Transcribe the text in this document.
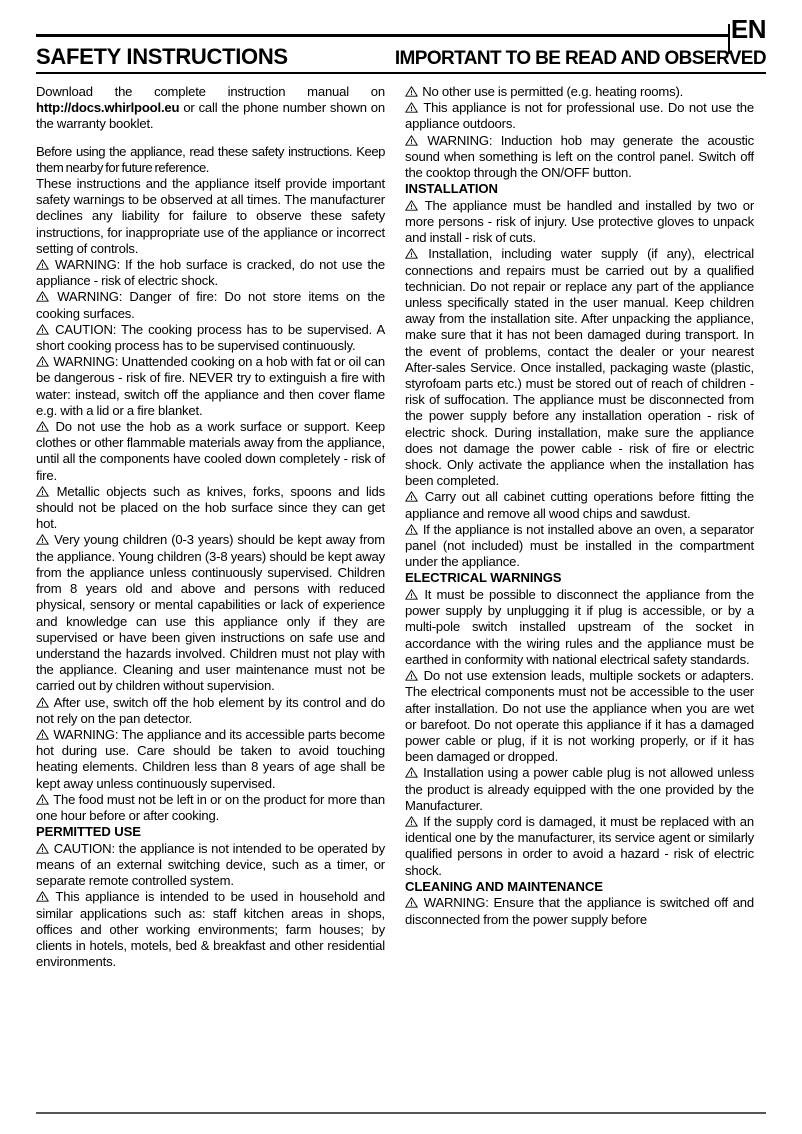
EN
SAFETY INSTRUCTIONS	IMPORTANT TO BE READ AND OBSERVED

Download the complete instruction manual on http://docs.whirlpool.eu or call the phone number shown on the warranty booklet.

Before using the appliance, read these safety instructions. Keep them nearby for future reference.

These instructions and the appliance itself provide important safety warnings to be observed at all times. The manufacturer declines any liability for failure to observe these safety instructions, for inappropriate use of the appliance or incorrect setting of controls.

WARNING: If the hob surface is cracked, do not use the appliance - risk of electric shock.

WARNING: Danger of fire: Do not store items on the cooking surfaces.

CAUTION: The cooking process has to be supervised. A short cooking process has to be supervised continuously.

WARNING: Unattended cooking on a hob with fat or oil can be dangerous - risk of fire. NEVER try to extinguish a fire with water: instead, switch off the appliance and then cover flame e.g. with a lid or a fire blanket.

Do not use the hob as a work surface or support. Keep clothes or other flammable materials away from the appliance, until all the components have cooled down completely - risk of fire.

Metallic objects such as knives, forks, spoons and lids should not be placed on the hob surface since they can get hot.

Very young children (0-3 years) should be kept away from the appliance. Young children (3-8 years) should be kept away from the appliance unless continuously supervised. Children from 8 years old and above and persons with reduced physical, sensory or mental capabilities or lack of experience and knowledge can use this appliance only if they are supervised or have been given instructions on safe use and understand the hazards involved. Children must not play with the appliance. Cleaning and user maintenance must not be carried out by children without supervision.

After use, switch off the hob element by its control and do not rely on the pan detector.

WARNING: The appliance and its accessible parts become hot during use. Care should be taken to avoid touching heating elements. Children less than 8 years of age shall be kept away unless continuously supervised.

The food must not be left in or on the product for more than one hour before or after cooking.

PERMITTED USE

CAUTION: the appliance is not intended to be operated by means of an external switching device, such as a timer, or separate remote controlled system.

This appliance is intended to be used in household and similar applications such as: staff kitchen areas in shops, offices and other working environments; farm houses; by clients in hotels, motels, bed & breakfast and other residential environments.

No other use is permitted (e.g. heating rooms).

This appliance is not for professional use. Do not use the appliance outdoors.

WARNING: Induction hob may generate the acoustic sound when something is left on the control panel. Switch off the cooktop through the ON/OFF button.

INSTALLATION

The appliance must be handled and installed by two or more persons - risk of injury. Use protective gloves to unpack and install - risk of cuts.

Installation, including water supply (if any), electrical connections and repairs must be carried out by a qualified technician. Do not repair or replace any part of the appliance unless specifically stated in the user manual. Keep children away from the installation site. After unpacking the appliance, make sure that it has not been damaged during transport. In the event of problems, contact the dealer or your nearest After-sales Service. Once installed, packaging waste (plastic, styrofoam parts etc.) must be stored out of reach of children - risk of suffocation. The appliance must be disconnected from the power supply before any installation operation - risk of electric shock. During installation, make sure the appliance does not damage the power cable - risk of fire or electric shock. Only activate the appliance when the installation has been completed.

Carry out all cabinet cutting operations before fitting the appliance and remove all wood chips and sawdust.

If the appliance is not installed above an oven, a separator panel (not included) must be installed in the compartment under the appliance.

ELECTRICAL WARNINGS

It must be possible to disconnect the appliance from the power supply by unplugging it if plug is accessible, or by a multi-pole switch installed upstream of the socket in accordance with the wiring rules and the appliance must be earthed in conformity with national electrical safety standards.

Do not use extension leads, multiple sockets or adapters. The electrical components must not be accessible to the user after installation. Do not use the appliance when you are wet or barefoot. Do not operate this appliance if it has a damaged power cable or plug, if it is not working properly, or if it has been damaged or dropped.

Installation using a power cable plug is not allowed unless the product is already equipped with the one provided by the Manufacturer.

If the supply cord is damaged, it must be replaced with an identical one by the manufacturer, its service agent or similarly qualified persons in order to avoid a hazard - risk of electric shock.

CLEANING AND MAINTENANCE

WARNING: Ensure that the appliance is switched off and disconnected from the power supply before
